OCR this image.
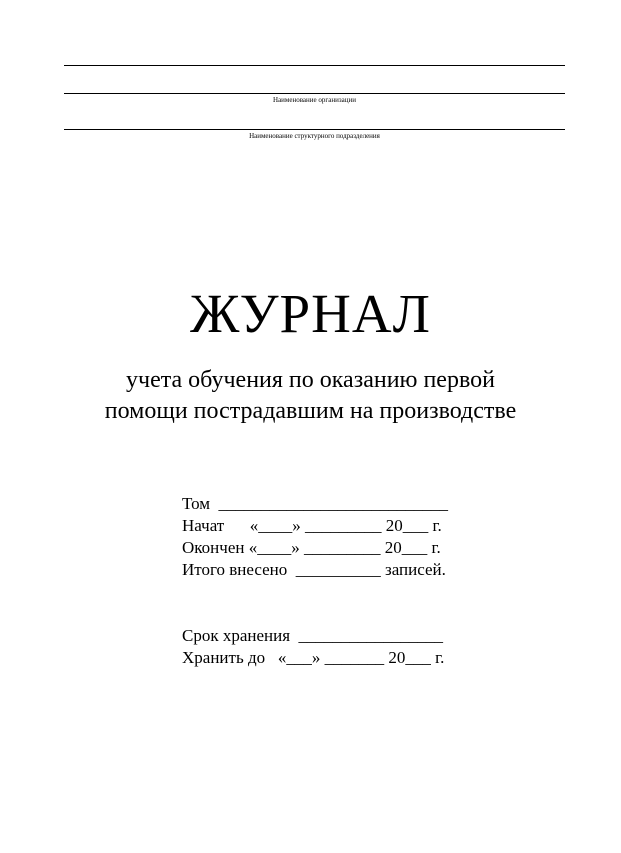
Наименование организации
Наименование структурного подразделения
ЖУРНАЛ
учета обучения по оказанию первой
помощи пострадавшим на производстве
Том  ___________________________
Начат      «____» _________ 20___ г.
Окончен «____» _________ 20___ г.
Итого внесено  __________ записей.
Срок хранения  _________________
Хранить до   «___» _______ 20___ г.
